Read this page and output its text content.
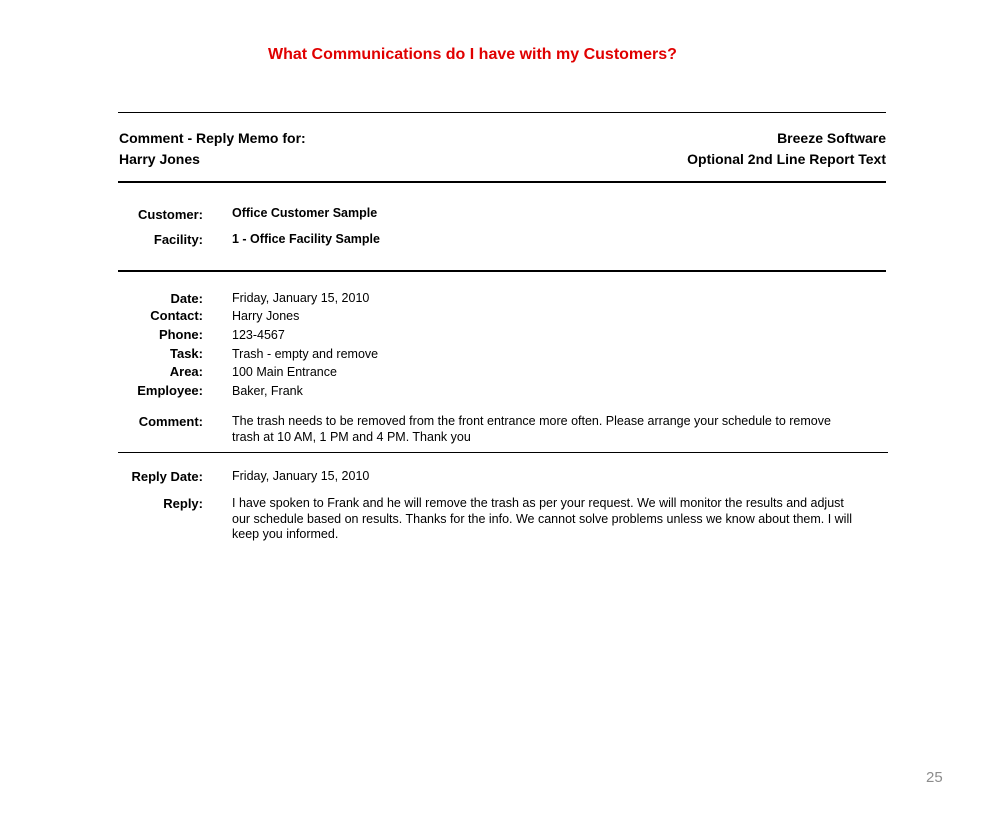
What Communications do I have with my Customers?
Comment - Reply Memo for:
Harry Jones
Breeze Software
Optional 2nd Line Report Text
Customer: Office Customer Sample
Facility: 1 - Office Facility Sample
Date: Friday, January 15, 2010
Contact: Harry Jones
Phone: 123-4567
Task: Trash - empty and remove
Area: 100 Main Entrance
Employee: Baker, Frank
Comment: The trash needs to be removed from the front entrance more often. Please arrange your schedule to remove trash at 10 AM, 1 PM and 4 PM. Thank you
Reply Date: Friday, January 15, 2010
Reply: I have spoken to Frank and he will remove the trash as per your request. We will monitor the results and adjust our schedule based on results. Thanks for the info. We cannot solve problems unless we know about them. I will keep you informed.
25
